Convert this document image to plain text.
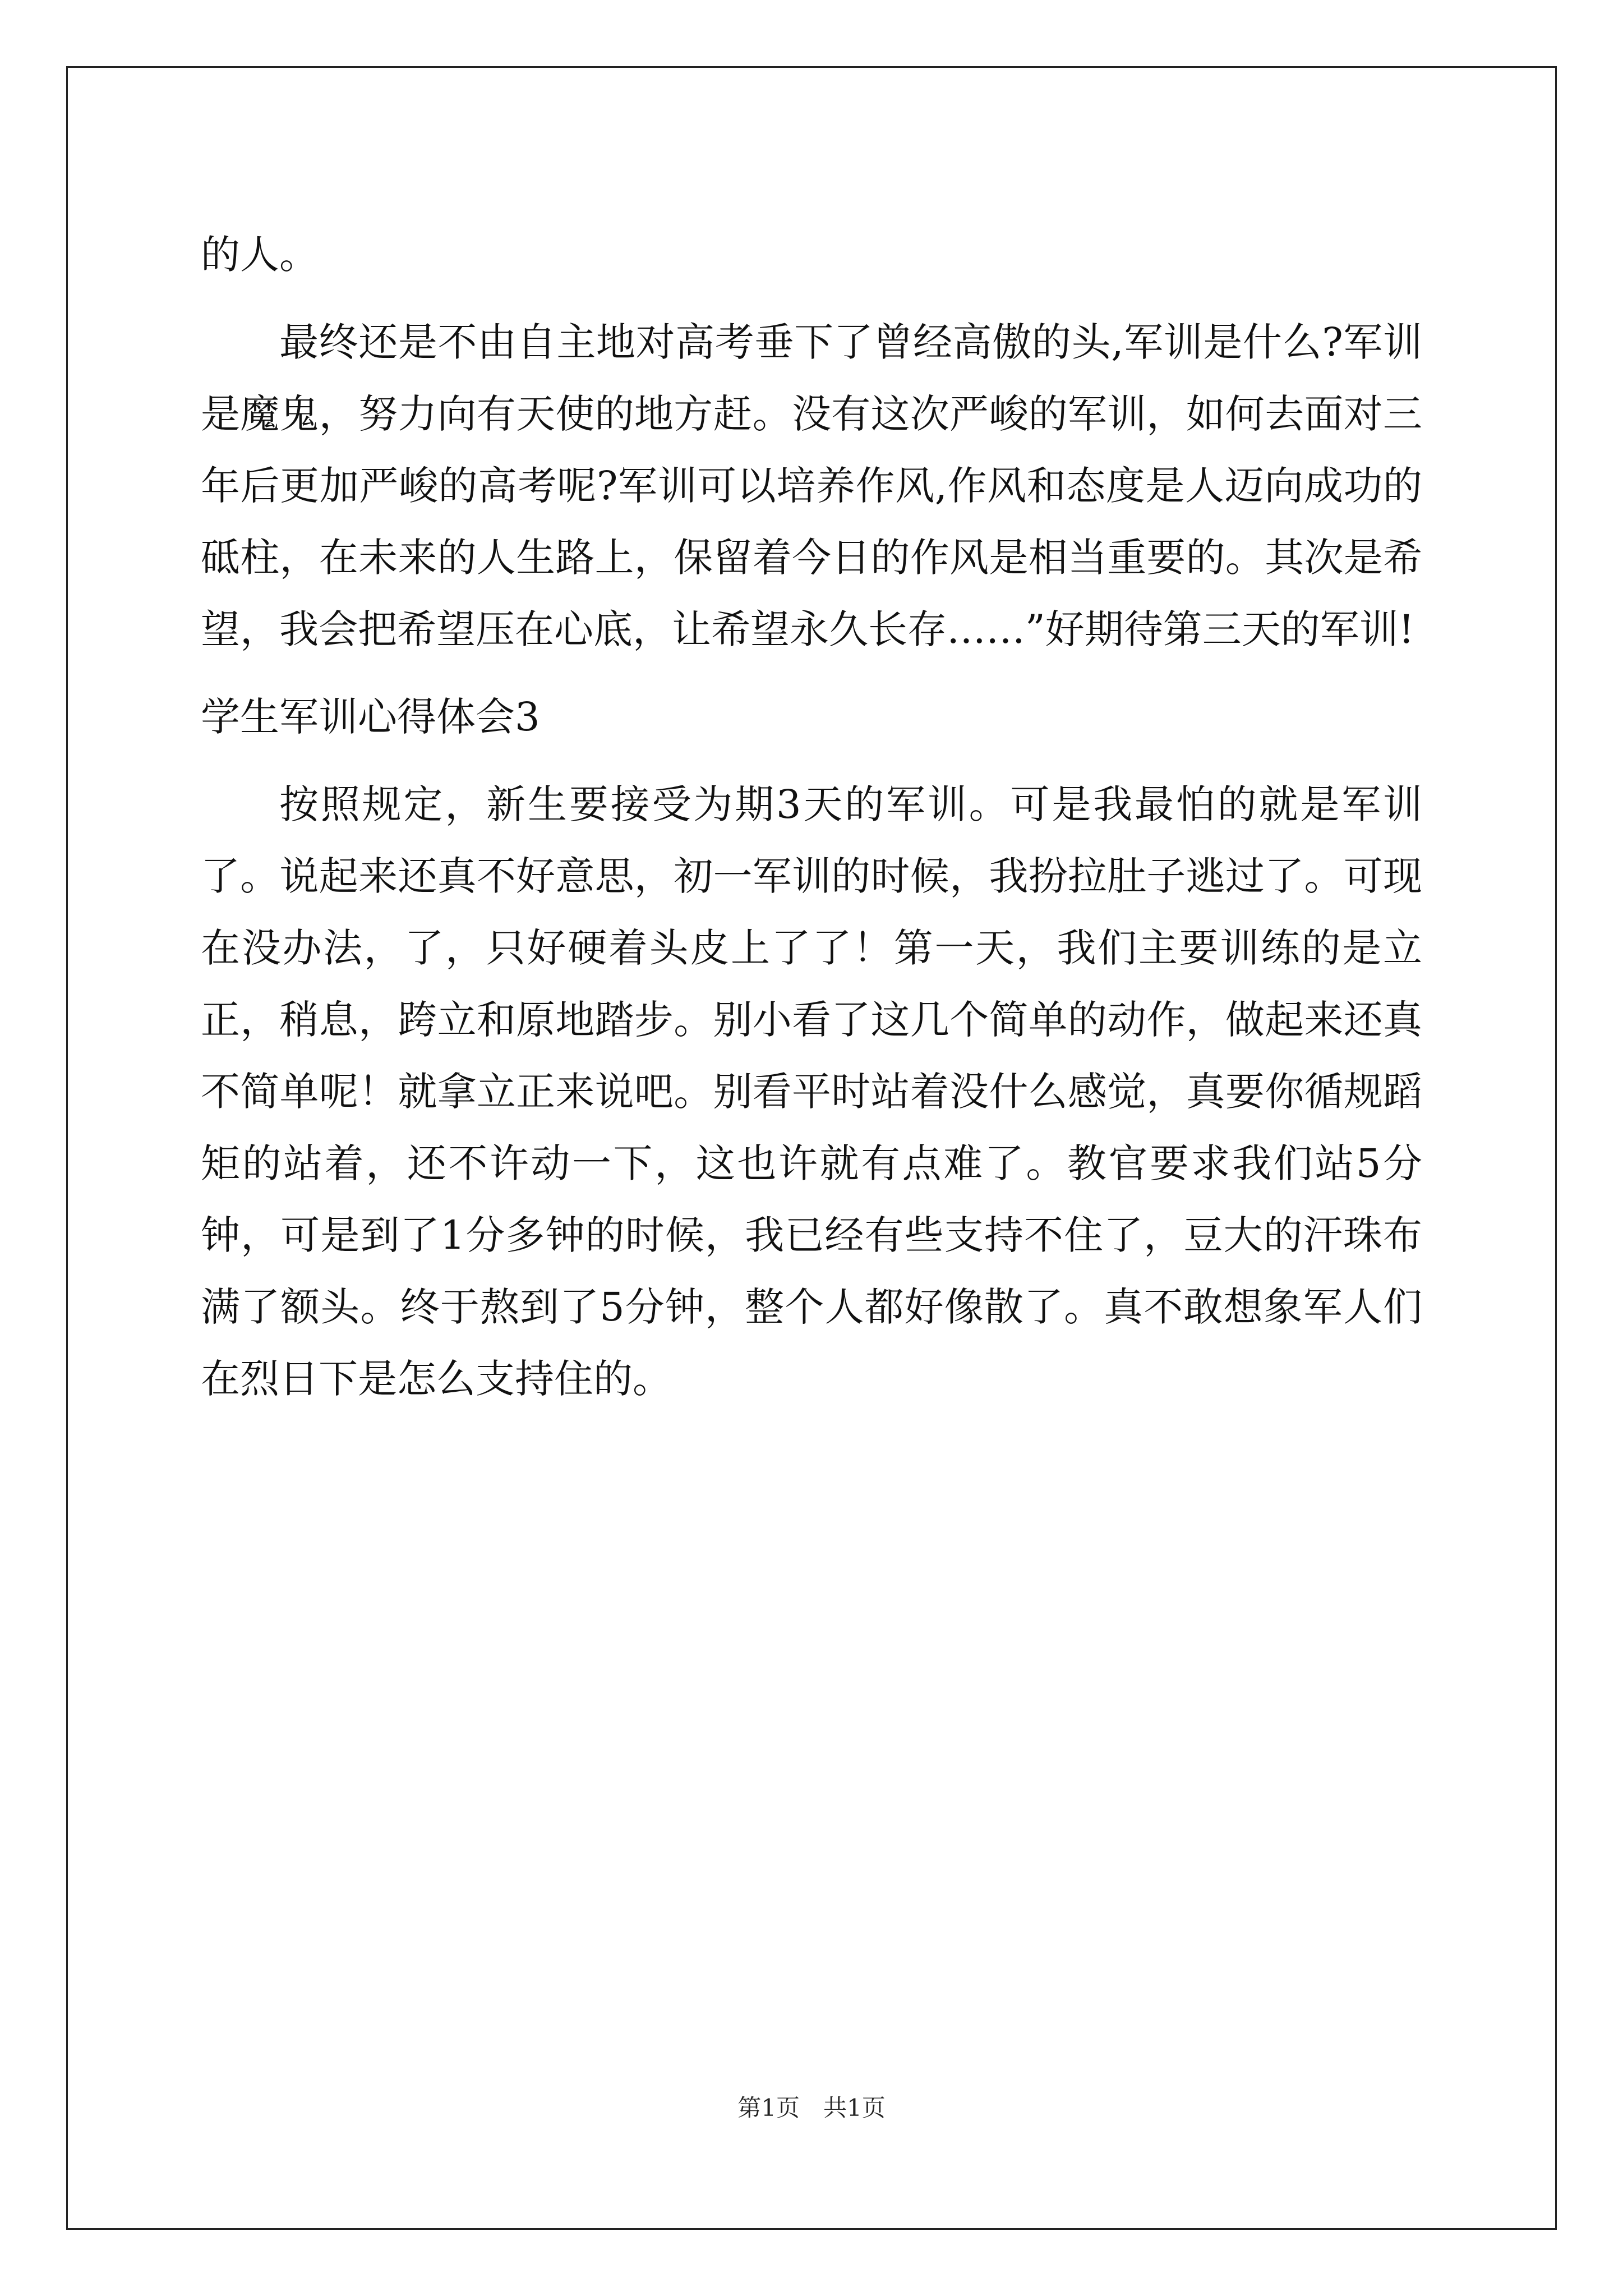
的人。

最终还是不由自主地对高考垂下了曾经高傲的头,军训是什么?军训是魔鬼，努力向有天使的地方赶。没有这次严峻的军训，如何去面对三年后更加严峻的高考呢?军训可以培养作风,作风和态度是人迈向成功的砥柱，在未来的人生路上，保留着今日的作风是相当重要的。其次是希望，我会把希望压在心底，让希望永久长存……”好期待第三天的军训!

学生军训心得体会3

按照规定，新生要接受为期3天的军训。可是我最怕的就是军训了。说起来还真不好意思，初一军训的时候，我扮拉肚子逃过了。可现在没办法，了，只好硬着头皮上了了！第一天，我们主要训练的是立正，稍息，跨立和原地踏步。别小看了这几个简单的动作，做起来还真不简单呢！就拿立正来说吧。别看平时站着没什么感觉，真要你循规蹈矩的站着，还不许动一下，这也许就有点难了。教官要求我们站5分钟，可是到了1分多钟的时候，我已经有些支持不住了，豆大的汗珠布满了额头。终于熬到了5分钟，整个人都好像散了。真不敢想象军人们在烈日下是怎么支持住的。

第1页　共1页
